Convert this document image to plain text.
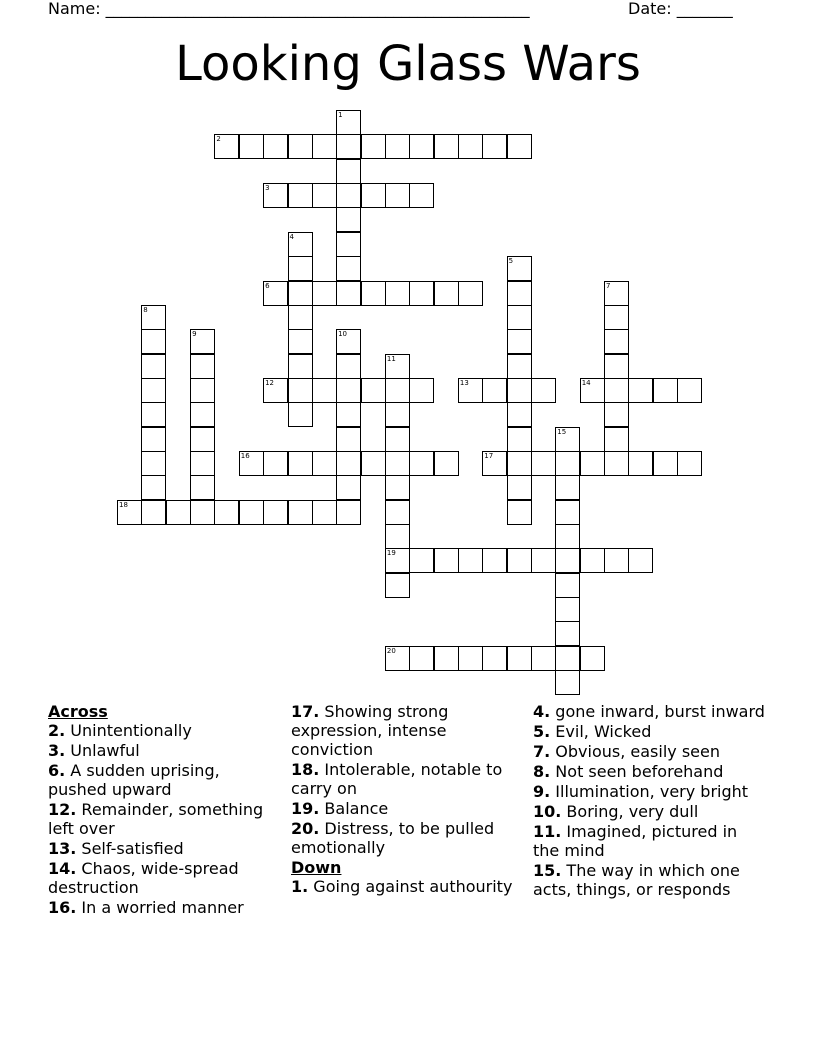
Name: _____________________________________________________	Date: _______
Looking Glass Wars
2
3
6
12	13	14
16	17
18
19
20
1
4
5
7
8
9	10
11
15
Across
2. Unintentionally
3. Unlawful
6. A sudden uprising, pushed upward
12. Remainder, something left over
13. Self-satisfied
14. Chaos, wide-spread destruction
16. In a worried manner
17. Showing strong expression, intense conviction
18. Intolerable, notable to carry on
19. Balance
20. Distress, to be pulled emotionally
Down
1. Going against authourity
4. gone inward, burst inward
5. Evil, Wicked
7. Obvious, easily seen
8. Not seen beforehand
9. Illumination, very bright
10. Boring, very dull
11. Imagined, pictured in the mind
15. The way in which one acts, things, or responds
